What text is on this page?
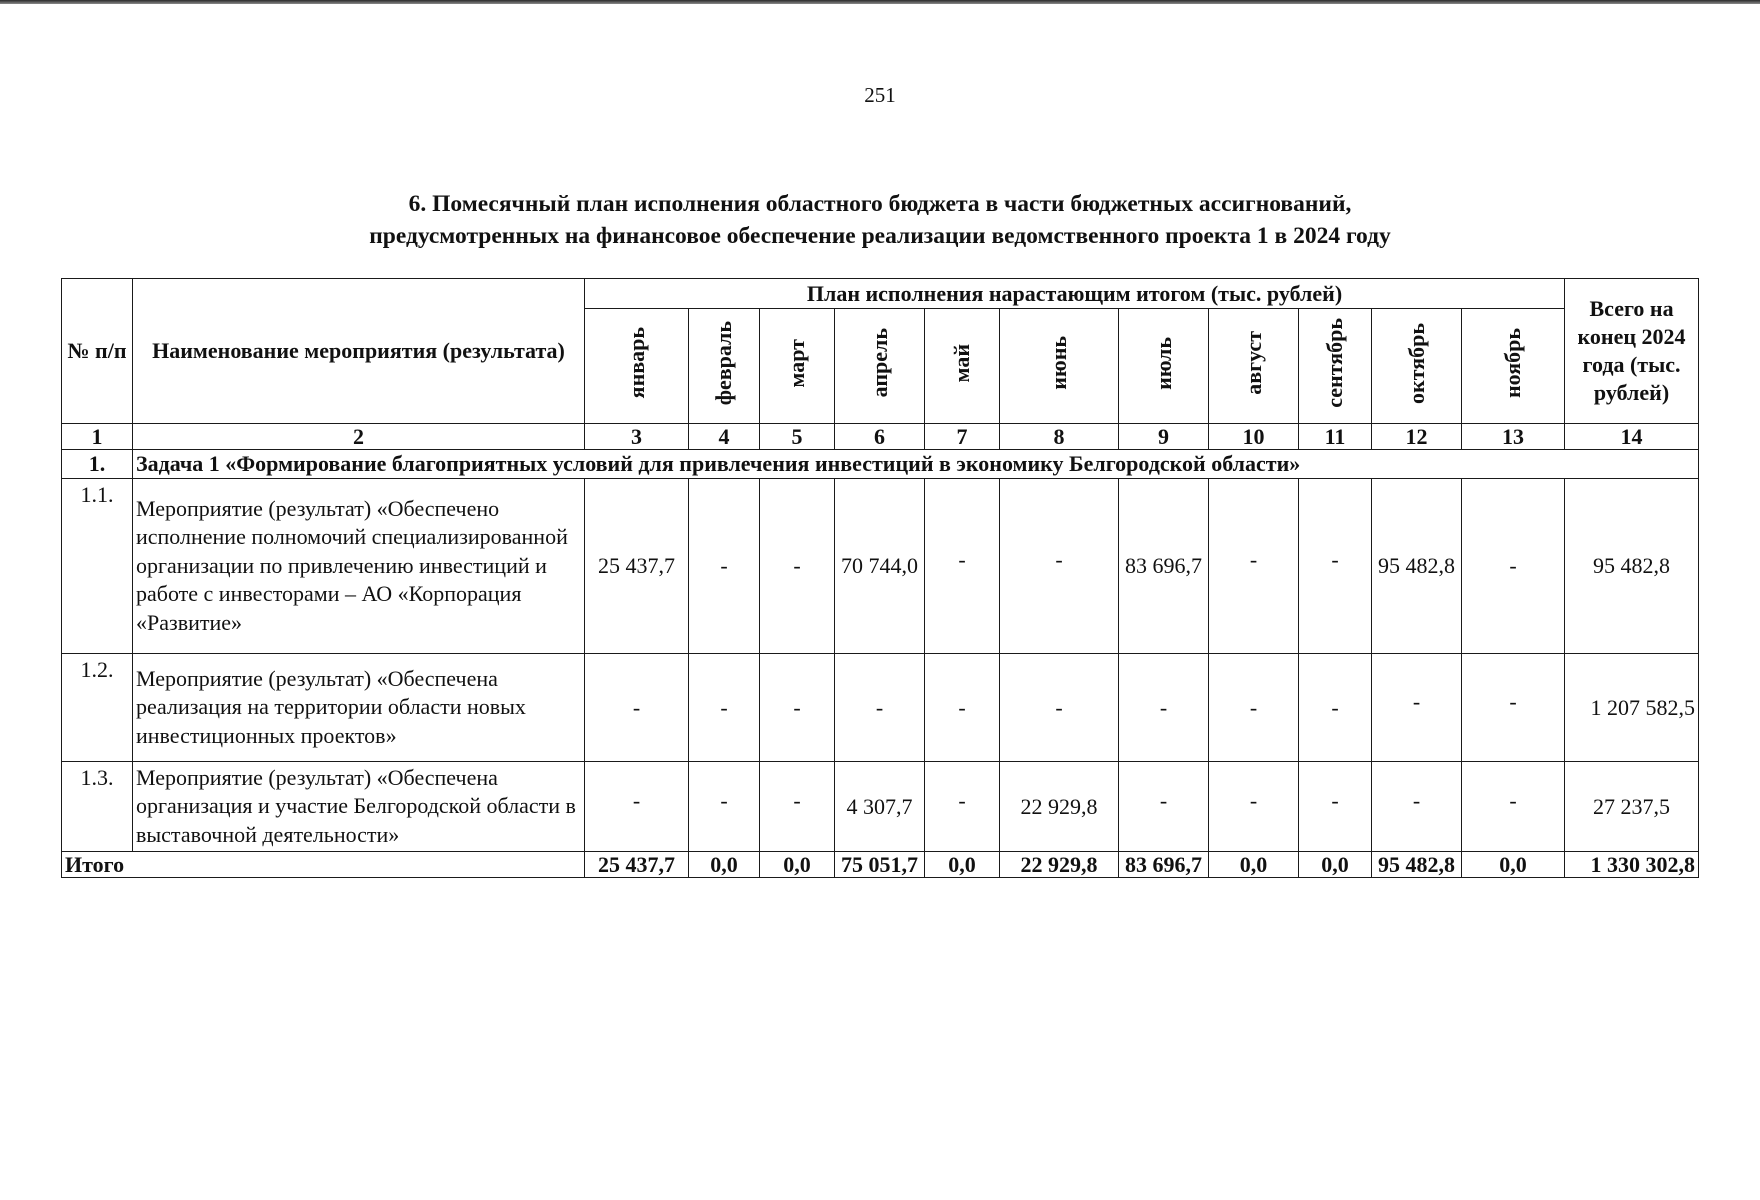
251
6. Помесячный план исполнения областного бюджета в части бюджетных ассигнований,
предусмотренных на финансовое обеспечение реализации ведомственного проекта 1 в 2024 году
№ п/п	Наименование мероприятия (результата)	План исполнения нарастающим итогом (тыс. рублей)											Всего на конец 2024 года (тыс. рублей)
		январь	февраль	март	апрель	май	июнь	июль	август	сентябрь	октябрь	ноябрь	
1	2	3	4	5	6	7	8	9	10	11	12	13	14
1.	Задача 1 «Формирование благоприятных условий для привлечения инвестиций в экономику Белгородской области»												
1.1.	Мероприятие (результат) «Обеспечено исполнение полномочий специализированной организации по привлечению инвестиций и работе с инвесторами – АО «Корпорация «Развитие»	25 437,7	-	-	70 744,0	-	-	83 696,7	-	-	95 482,8	-	95 482,8
1.2.	Мероприятие (результат) «Обеспечена реализация на территории области новых инвестиционных проектов»	-	-	-	-	-	-	-	-	-	-	-	1 207 582,5
1.3.	Мероприятие (результат) «Обеспечена организация и участие Белгородской области в выставочной деятельности»	-	-	-	4 307,7	-	22 929,8	-	-	-	-	-	27 237,5
Итого		25 437,7	0,0	0,0	75 051,7	0,0	22 929,8	83 696,7	0,0	0,0	95 482,8	0,0	1 330 302,8
